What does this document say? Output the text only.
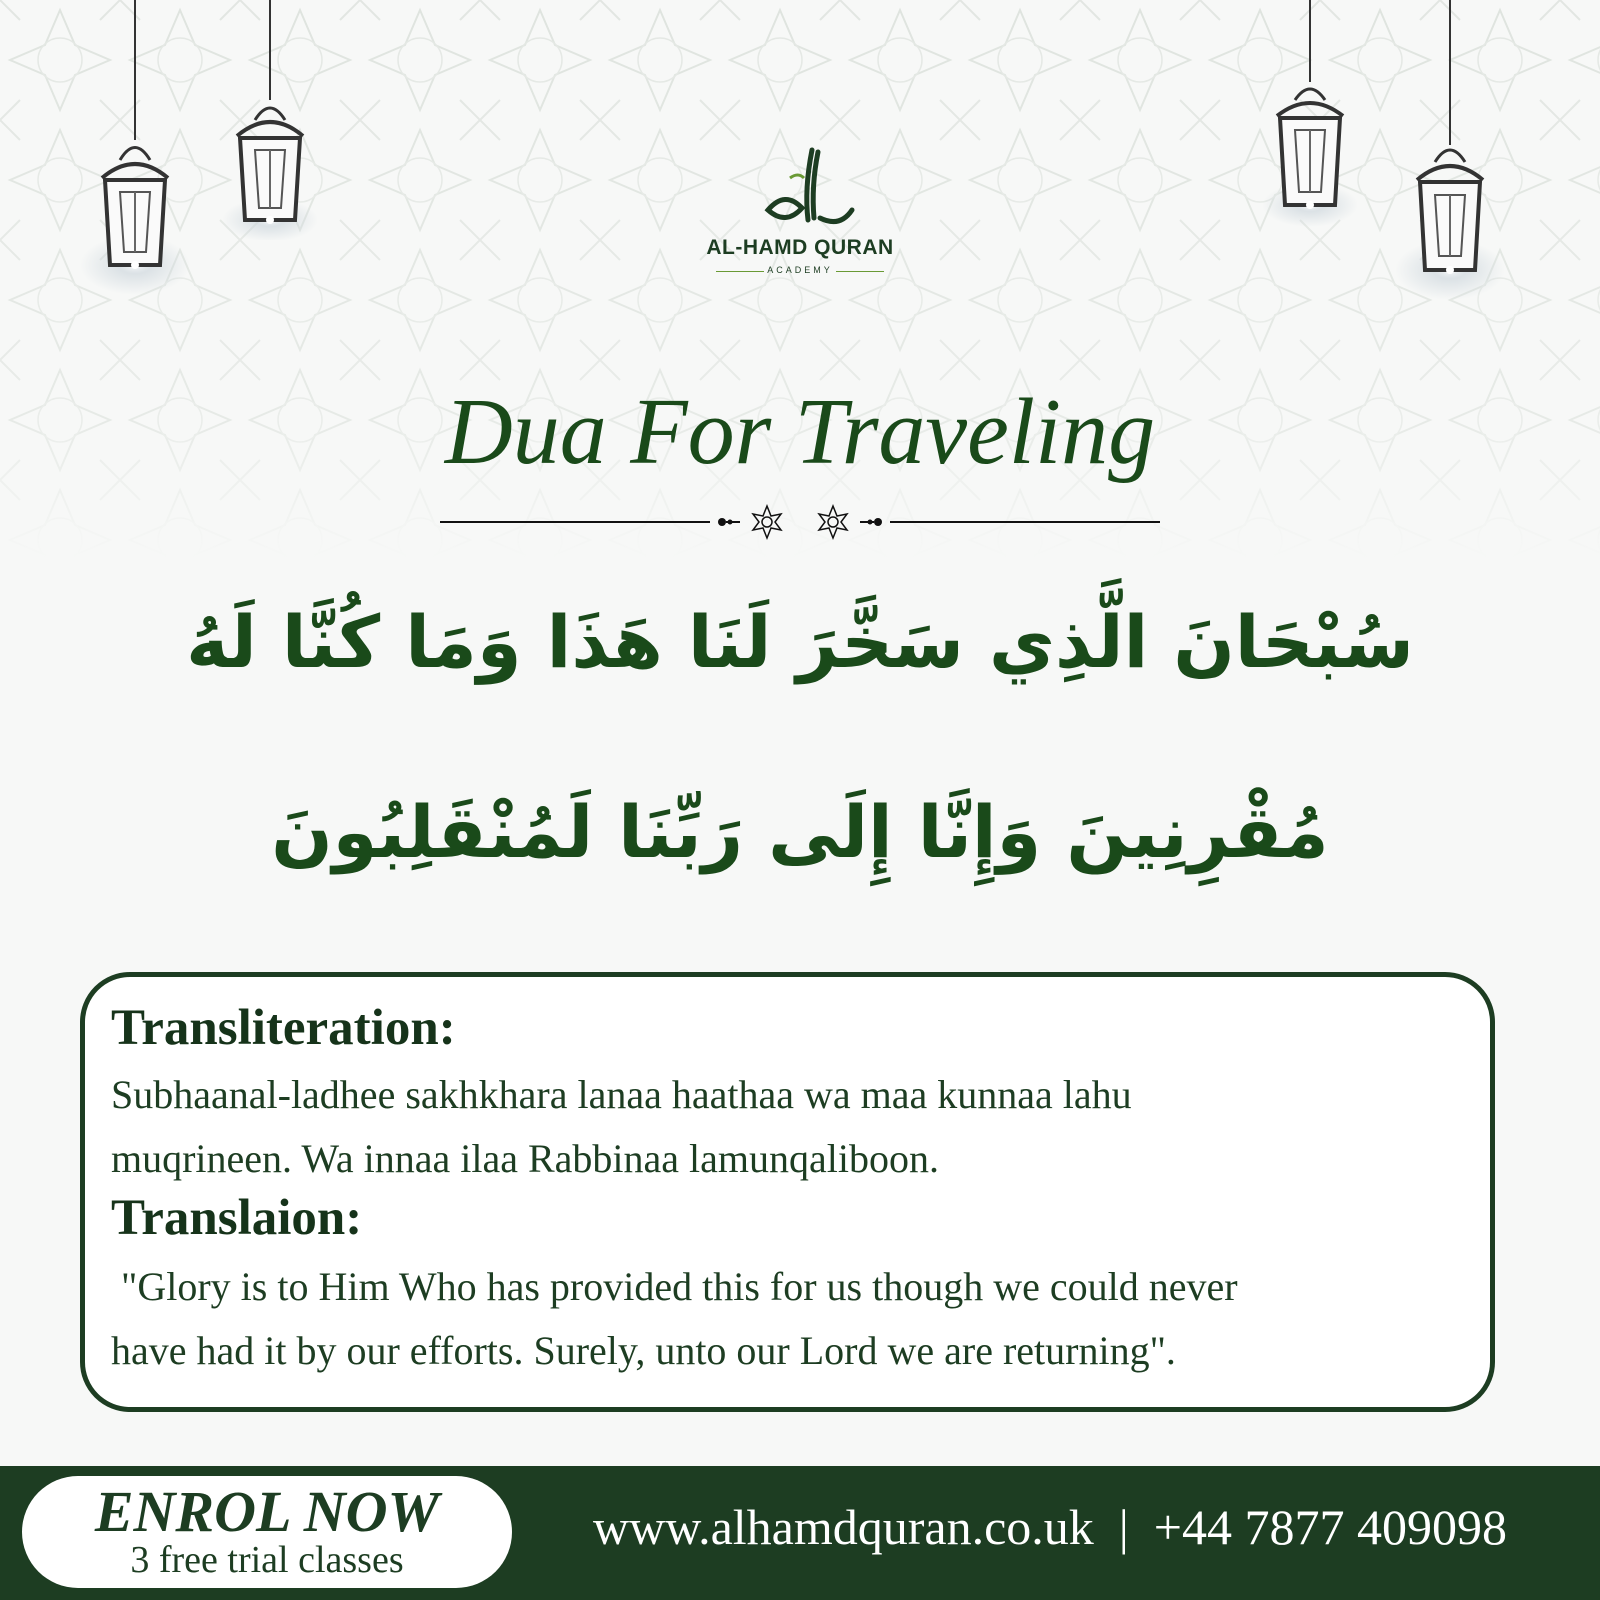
AL-HAMD QURAN
ACADEMY
Dua For Traveling

سُبْحَانَ الَّذِي سَخَّرَ لَنَا هَذَا وَمَا كُنَّا لَهُ

مُقْرِنِينَ وَإِنَّا إِلَى رَبِّنَا لَمُنْقَلِبُونَ

Transliteration:

Subhaanal-ladhee sakhkhara lanaa haathaa wa maa kunnaa lahu

muqrineen. Wa innaa ilaa Rabbinaa lamunqaliboon.

Translaion:

"Glory is to Him Who has provided this for us though we could never

have had it by our efforts. Surely, unto our Lord we are returning".

ENROL NOW
3 free trial classes
www.alhamdquran.co.uk  |  +44 7877 409098
